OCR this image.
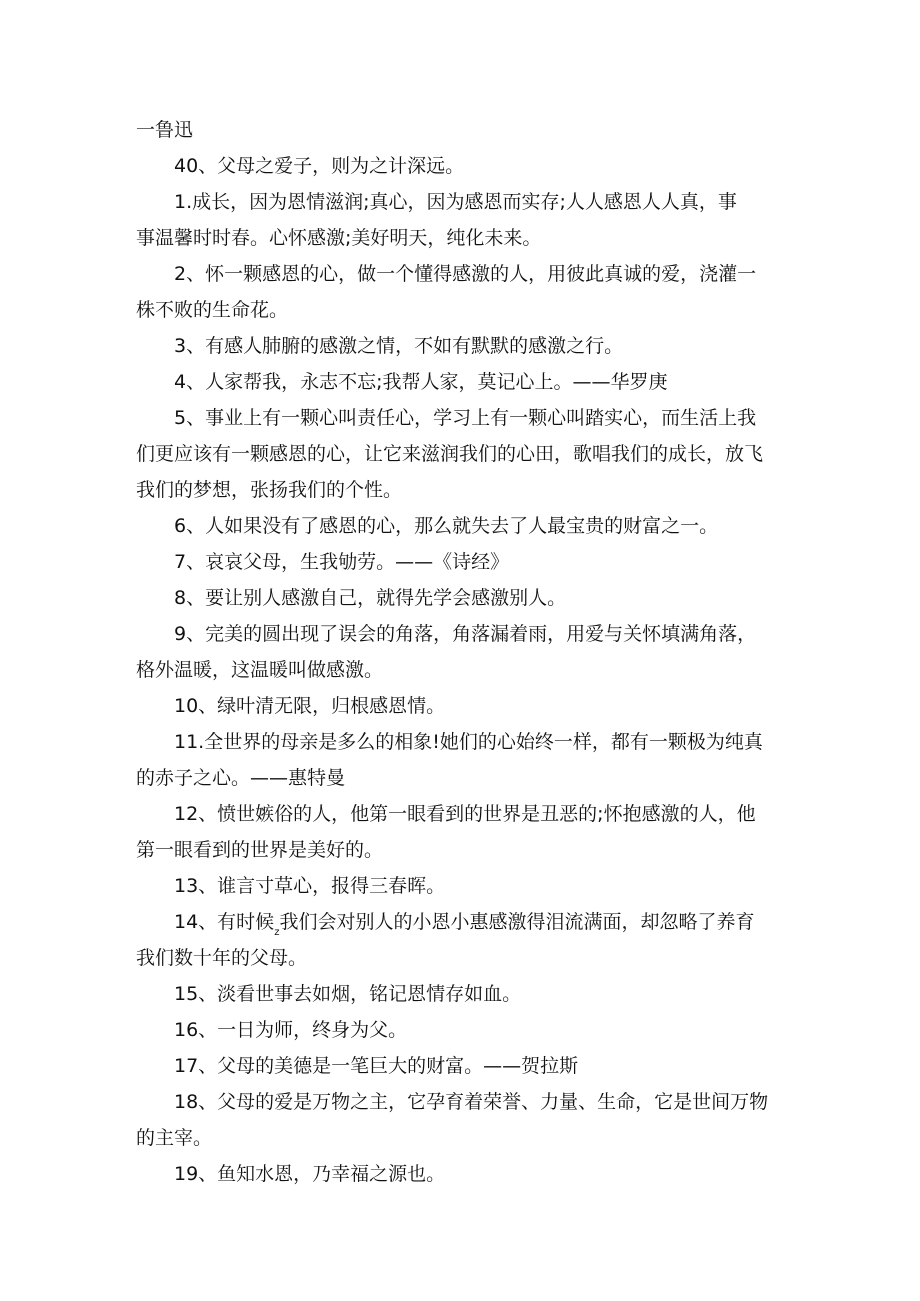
一鲁迅
40、父母之爱子，则为之计深远。
1.成长，因为恩情滋润;真心，因为感恩而实存;人人感恩人人真，事
事温馨时时春。心怀感激;美好明天，纯化未来。
2、怀一颗感恩的心，做一个懂得感激的人，用彼此真诚的爱，浇灌一
株不败的生命花。
3、有感人肺腑的感激之情，不如有默默的感激之行。
4、人家帮我，永志不忘;我帮人家，莫记心上。——华罗庚
5、事业上有一颗心叫责任心，学习上有一颗心叫踏实心，而生活上我
们更应该有一颗感恩的心，让它来滋润我们的心田，歌唱我们的成长，放飞
我们的梦想，张扬我们的个性。
6、人如果没有了感恩的心，那么就失去了人最宝贵的财富之一。
7、哀哀父母，生我劬劳。——《诗经》
8、要让别人感激自己，就得先学会感激别人。
9、完美的圆出现了误会的角落，角落漏着雨，用爱与关怀填满角落，
格外温暖，这温暖叫做感激。
10、绿叶清无限，归根感恩情。
11.全世界的母亲是多么的相象!她们的心始终一样，都有一颗极为纯真
的赤子之心。——惠特曼
12、愤世嫉俗的人，他第一眼看到的世界是丑恶的;怀抱感激的人，他
第一眼看到的世界是美好的。
13、谁言寸草心，报得三春晖。
14、有时候$_z$我们会对别人的小恩小惠感激得泪流满面，却忽略了养育
我们数十年的父母。
15、淡看世事去如烟，铭记恩情存如血。
16、一日为师，终身为父。
17、父母的美德是一笔巨大的财富。——贺拉斯
18、父母的爱是万物之主，它孕育着荣誉、力量、生命，它是世间万物
的主宰。
19、鱼知水恩，乃幸福之源也。
